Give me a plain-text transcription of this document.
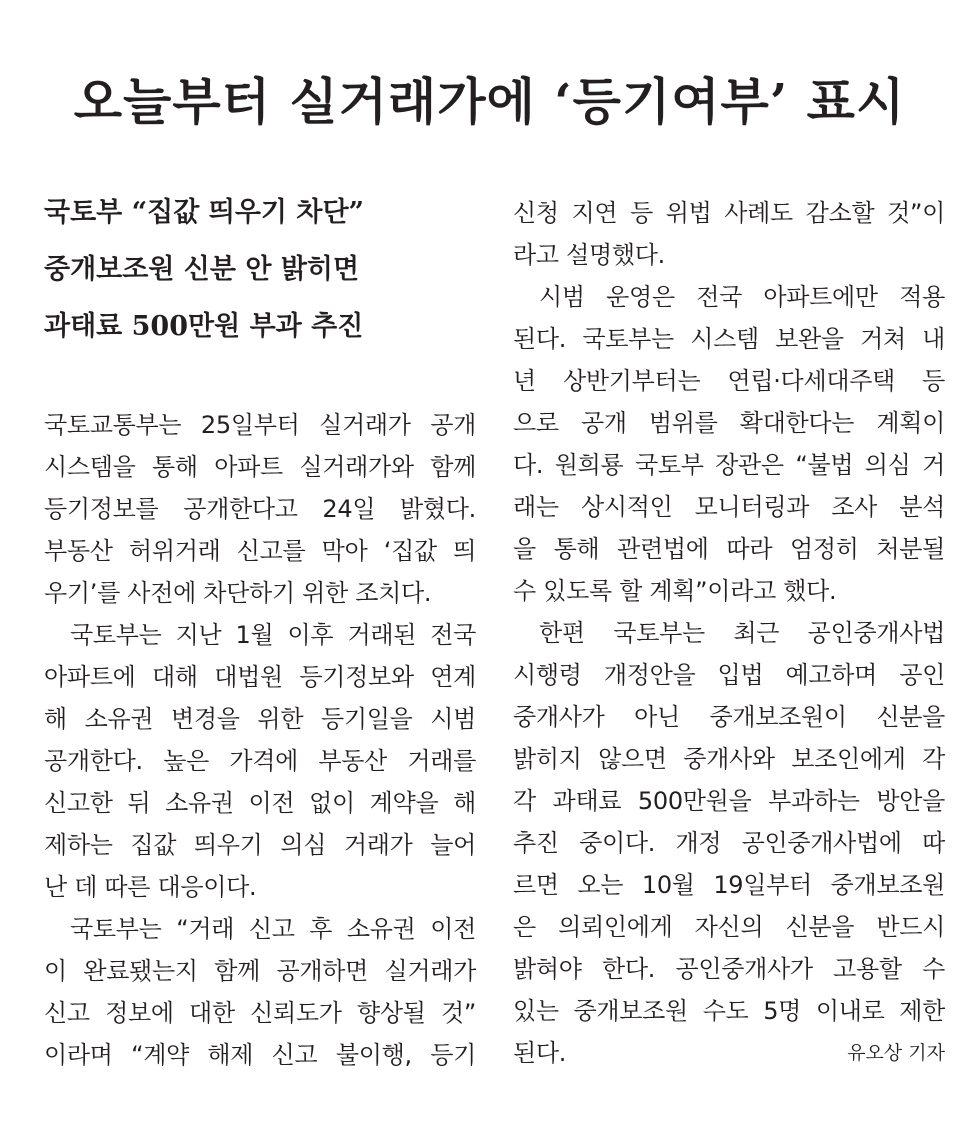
오늘부터 실거래가에 ‘등기여부’ 표시
국토부 “집값 띄우기 차단”
중개보조원 신분 안 밝히면
과태료 500만원 부과 추진
국토교통부는 25일부터 실거래가 공개
시스템을 통해 아파트 실거래가와 함께
등기정보를 공개한다고 24일 밝혔다.
부동산 허위거래 신고를 막아 ‘집값 띄
우기’를 사전에 차단하기 위한 조치다.
국토부는 지난 1월 이후 거래된 전국
아파트에 대해 대법원 등기정보와 연계
해 소유권 변경을 위한 등기일을 시범
공개한다. 높은 가격에 부동산 거래를
신고한 뒤 소유권 이전 없이 계약을 해
제하는 집값 띄우기 의심 거래가 늘어
난 데 따른 대응이다.
국토부는 “거래 신고 후 소유권 이전
이 완료됐는지 함께 공개하면 실거래가
신고 정보에 대한 신뢰도가 향상될 것”
이라며 “계약 해제 신고 불이행, 등기
신청 지연 등 위법 사례도 감소할 것”이
라고 설명했다.
시범 운영은 전국 아파트에만 적용
된다. 국토부는 시스템 보완을 거쳐 내
년 상반기부터는 연립·다세대주택 등
으로 공개 범위를 확대한다는 계획이
다. 원희룡 국토부 장관은 “불법 의심 거
래는 상시적인 모니터링과 조사 분석
을 통해 관련법에 따라 엄정히 처분될
수 있도록 할 계획”이라고 했다.
한편 국토부는 최근 공인중개사법
시행령 개정안을 입법 예고하며 공인
중개사가 아닌 중개보조원이 신분을
밝히지 않으면 중개사와 보조인에게 각
각 과태료 500만원을 부과하는 방안을
추진 중이다. 개정 공인중개사법에 따
르면 오는 10월 19일부터 중개보조원
은 의뢰인에게 자신의 신분을 반드시
밝혀야 한다. 공인중개사가 고용할 수
있는 중개보조원 수도 5명 이내로 제한
된다.	유오상 기자
